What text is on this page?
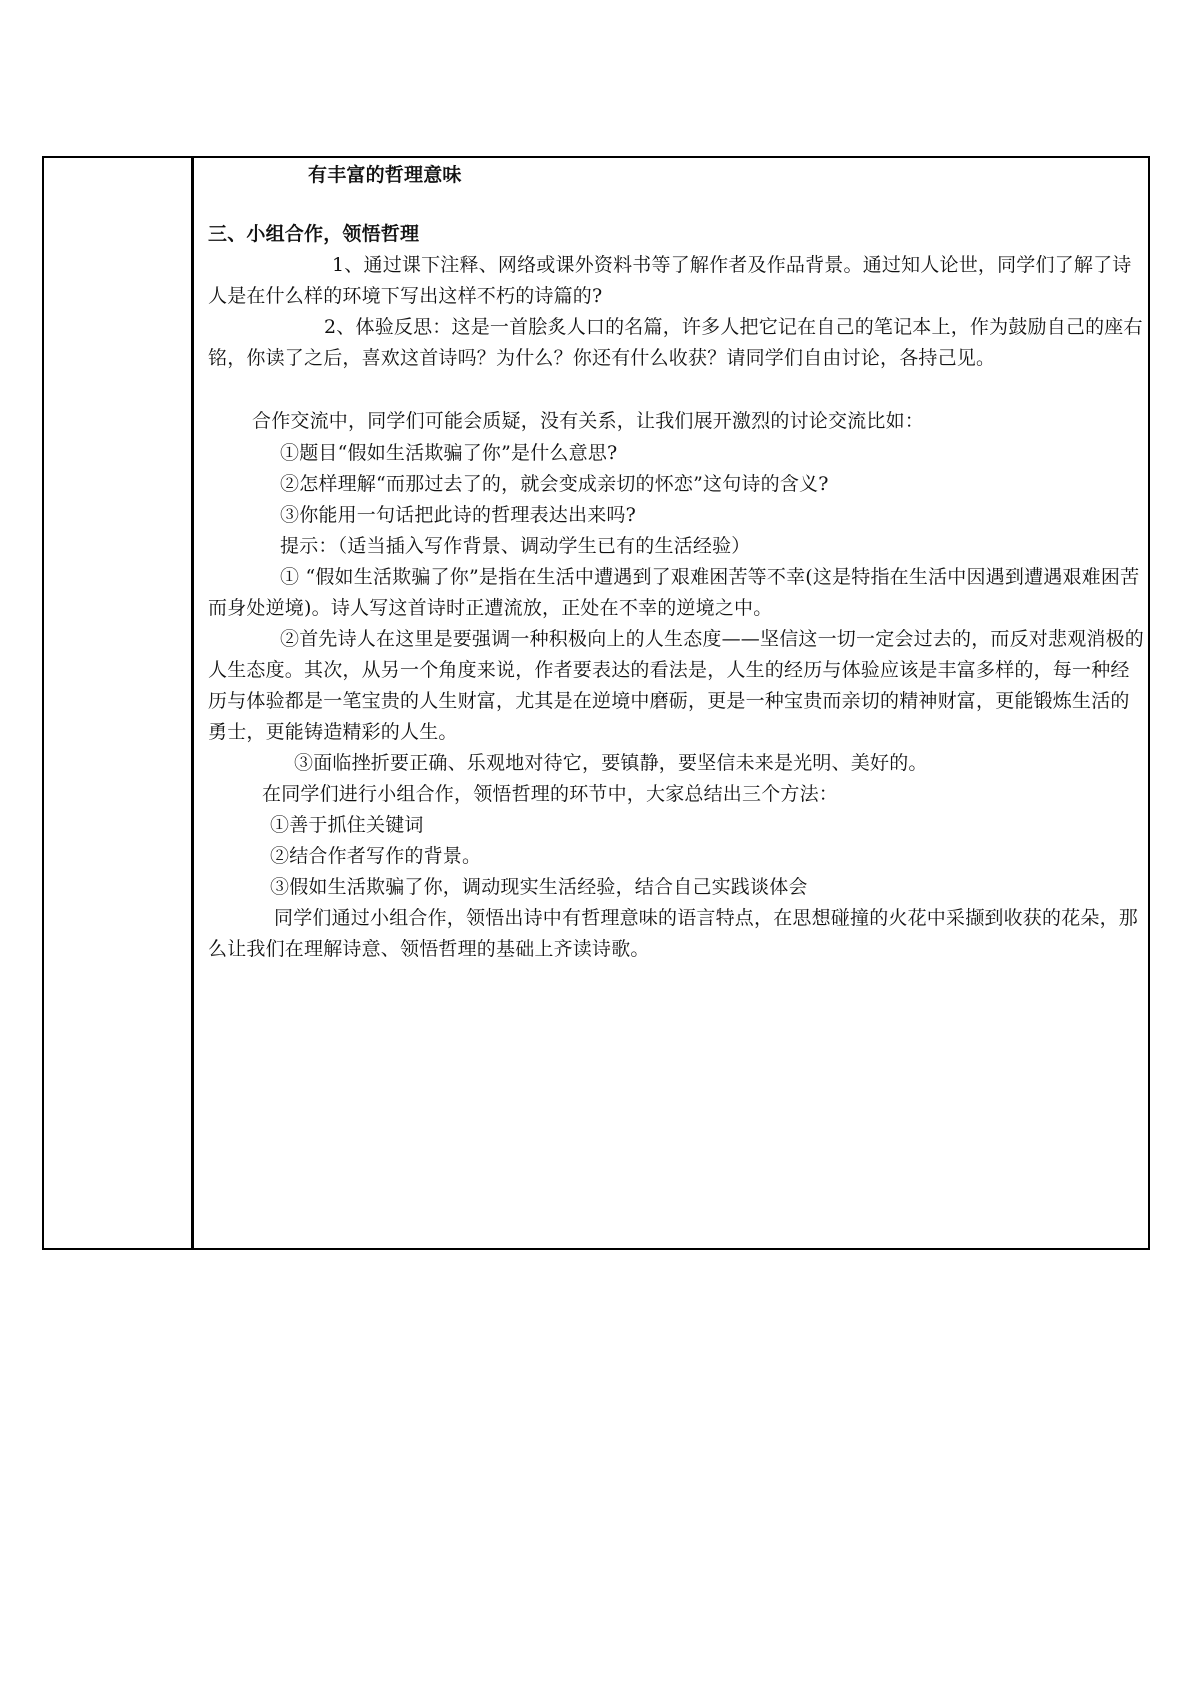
有丰富的哲理意味

三、小组合作，领悟哲理

1、通过课下注释、网络或课外资料书等了解作者及作品背景。通过知人论世，同学们了解了诗人是在什么样的环境下写出这样不朽的诗篇的?

2、体验反思：这是一首脍炙人口的名篇，许多人把它记在自己的笔记本上，作为鼓励自己的座右铭，你读了之后，喜欢这首诗吗？为什么？你还有什么收获？请同学们自由讨论，各持己见。

合作交流中，同学们可能会质疑，没有关系，让我们展开激烈的讨论交流比如：

①题目“假如生活欺骗了你”是什么意思?

②怎样理解“而那过去了的，就会变成亲切的怀恋”这句诗的含义?

③你能用一句话把此诗的哲理表达出来吗?

提示：（适当插入写作背景、调动学生已有的生活经验）

① “假如生活欺骗了你”是指在生活中遭遇到了艰难困苦等不幸(这是特指在生活中因遇到遭遇艰难困苦而身处逆境)。诗人写这首诗时正遭流放，正处在不幸的逆境之中。

②首先诗人在这里是要强调一种积极向上的人生态度——坚信这一切一定会过去的，而反对悲观消极的人生态度。其次，从另一个角度来说，作者要表达的看法是，人生的经历与体验应该是丰富多样的，每一种经历与体验都是一笔宝贵的人生财富，尤其是在逆境中磨砺，更是一种宝贵而亲切的精神财富，更能锻炼生活的勇士，更能铸造精彩的人生。

③面临挫折要正确、乐观地对待它，要镇静，要坚信未来是光明、美好的。

在同学们进行小组合作，领悟哲理的环节中，大家总结出三个方法：

①善于抓住关键词

②结合作者写作的背景。

③假如生活欺骗了你，调动现实生活经验，结合自己实践谈体会

同学们通过小组合作，领悟出诗中有哲理意味的语言特点，在思想碰撞的火花中采撷到收获的花朵，那么让我们在理解诗意、领悟哲理的基础上齐读诗歌。
